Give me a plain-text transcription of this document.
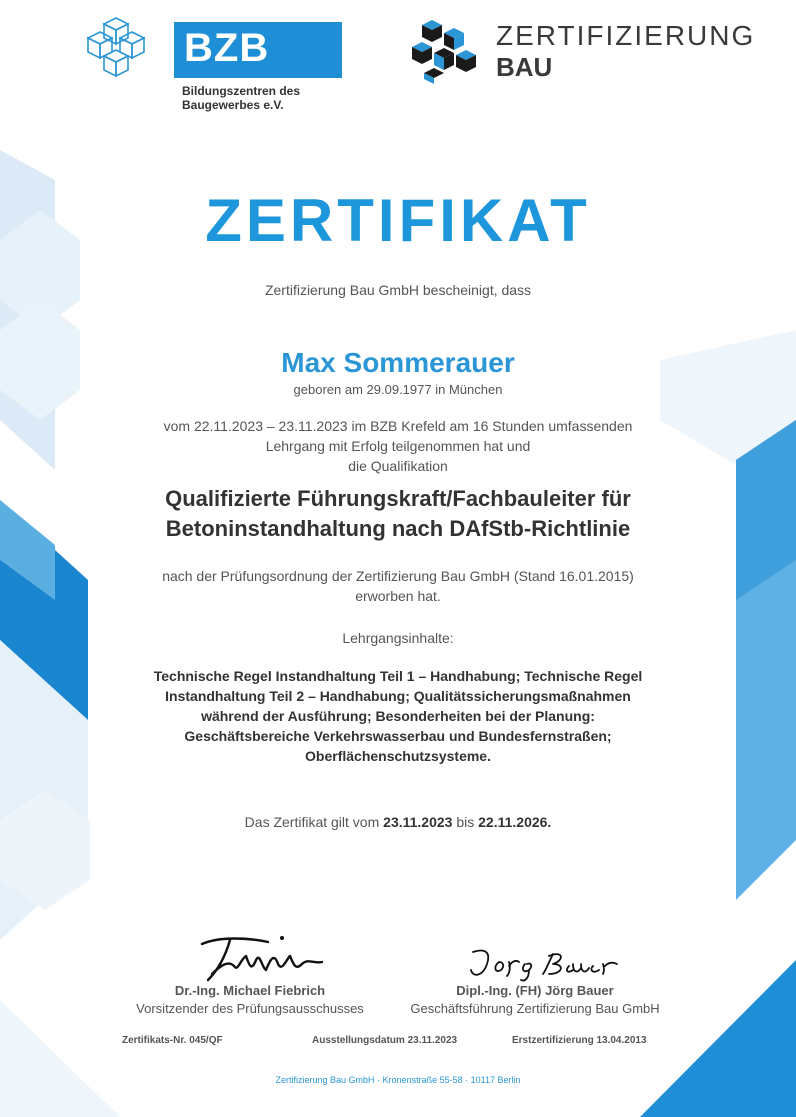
BZB
Bildungszentren des
Baugewerbes e.V.
ZERTIFIZIERUNG
BAU
ZERTIFIKAT
Zertifizierung Bau GmbH bescheinigt, dass
Max Sommerauer
geboren am 29.09.1977 in München
vom 22.11.2023 – 23.11.2023 im BZB Krefeld am 16 Stunden umfassenden
Lehrgang mit Erfolg teilgenommen hat und
die Qualifikation
Qualifizierte Führungskraft/Fachbauleiter für
Betoninstandhaltung nach DAfStb-Richtlinie
nach der Prüfungsordnung der Zertifizierung Bau GmbH (Stand 16.01.2015)
erworben hat.
Lehrgangsinhalte:
Technische Regel Instandhaltung Teil 1 – Handhabung; Technische Regel
Instandhaltung Teil 2 – Handhabung; Qualitätssicherungsmaßnahmen
während der Ausführung; Besonderheiten bei der Planung:
Geschäftsbereiche Verkehrswasserbau und Bundesfernstraßen;
Oberflächenschutzsysteme.
Das Zertifikat gilt vom 23.11.2023 bis 22.11.2026.
Dr.-Ing. Michael Fiebrich
Vorsitzender des Prüfungsausschusses
Dipl.-Ing. (FH) Jörg Bauer
Geschäftsführung Zertifizierung Bau GmbH
Zertifikats-Nr. 045/QF	Ausstellungsdatum 23.11.2023	Erstzertifizierung 13.04.2013
Zertifizierung Bau GmbH · Kronenstraße 55-58 · 10117 Berlin
